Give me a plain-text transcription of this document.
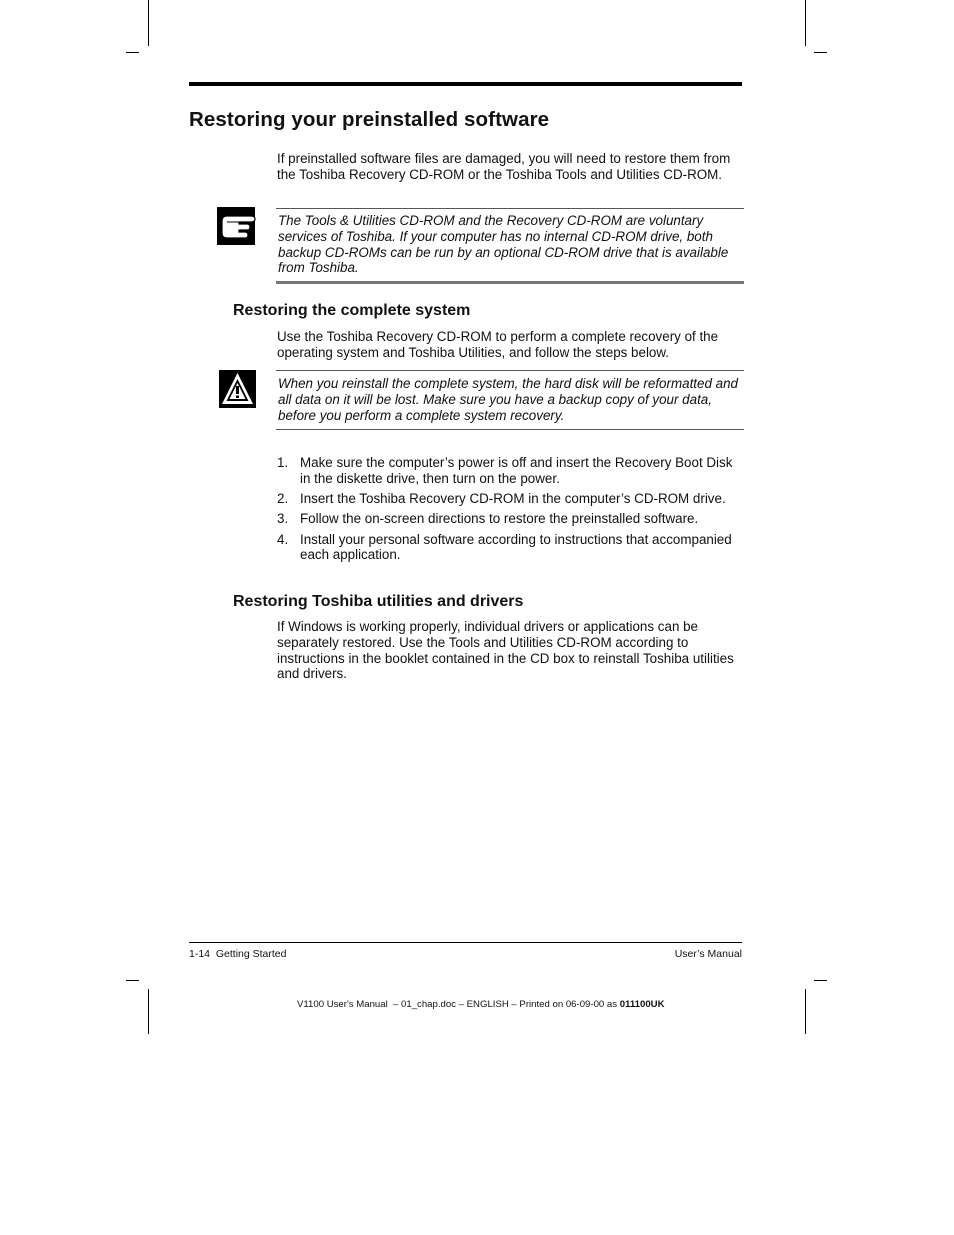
Restoring your preinstalled software

If preinstalled software files are damaged, you will need to restore them from the Toshiba Recovery CD-ROM or the Toshiba Tools and Utilities CD-ROM.

The Tools & Utilities CD-ROM and the Recovery CD-ROM are voluntary services of Toshiba. If your computer has no internal CD-ROM drive, both backup CD-ROMs can be run by an optional CD-ROM drive that is available from Toshiba.

Restoring the complete system

Use the Toshiba Recovery CD-ROM to perform a complete recovery of the operating system and Toshiba Utilities, and follow the steps below.

When you reinstall the complete system, the hard disk will be reformatted and all data on it will be lost. Make sure you have a backup copy of your data, before you perform a complete system recovery.

1. Make sure the computer’s power is off and insert the Recovery Boot Disk in the diskette drive, then turn on the power.
2. Insert the Toshiba Recovery CD-ROM in the computer’s CD-ROM drive.
3. Follow the on-screen directions to restore the preinstalled software.
4. Install your personal software according to instructions that accompanied each application.
Restoring Toshiba utilities and drivers

If Windows is working properly, individual drivers or applications can be separately restored. Use the Tools and Utilities CD-ROM according to instructions in the booklet contained in the CD box to reinstall Toshiba utilities and drivers.

1-14  Getting Started	User’s Manual
V1100 User's Manual  – 01_chap.doc – ENGLISH – Printed on 06-09-00 as 011100UK
